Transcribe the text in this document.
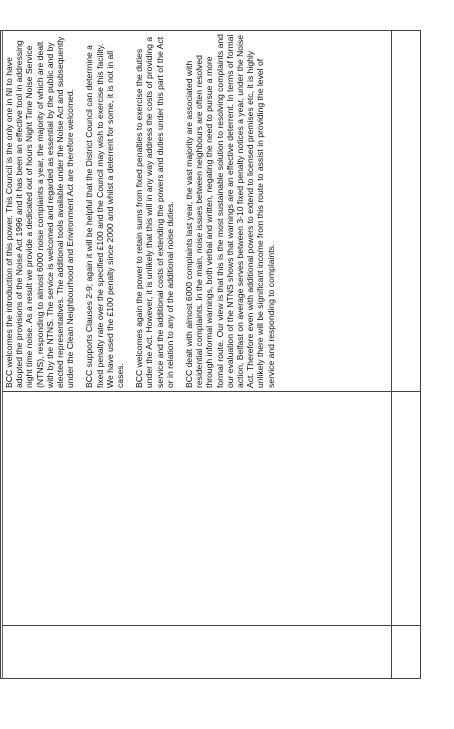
BCC welcomes the introduction of this power. This Council is the only one in NI to have adopted the provisions of the Noise Act 1996 and it has been an effective tool in addressing night time noise. As a result we provide a dedicated out of hours Night Time Noise Service (NTNS), responding to almost 6000 noise complaints a year, the majority of which are dealt with by the NTNS. The service is welcomed and regarded as essential by the public and by elected representatives. The additional tools available under the Noise Act and subsequently under the Clean Neighbourhood and Environment Act are therefore welcomed. BCC supports Clauses 2-9; again it will be helpful that the District Council can determine a fixed penalty rate over the specified £100 and the Council may wish to exercise this facility. We have used the £100 penalty since 2000 and whilst a deterrent for some, it is not in all cases. BCC welcomes again the power to retain sums from fixed penalties to exercise the duties under the Act. However, it is unlikely that this will in any way address the costs of providing a service and the additional costs of extending the powers and duties under this part of the Act or in relation to any of the additional noise duties. BCC dealt with almost 6000 complaints last year, the vast majority are associated with residential complaints. In the main, noise issues between neighbours are often resolved through informal warnings, both verbal and written, negating the need to pursue a more formal route. Our view is that this is the most sustainable solution to resolving complaints and our evaluation of the NTNS shows that warnings are an effective deterrent. In terms of formal action, Belfast on average serves between 3-10 fixed penalty notices a year, under the Noise Act. Therefore even with additional powers to extend to licensed premises etc, it is highly unlikely there will be significant income from this route to assist in providing the level of service and responding to complaints.
